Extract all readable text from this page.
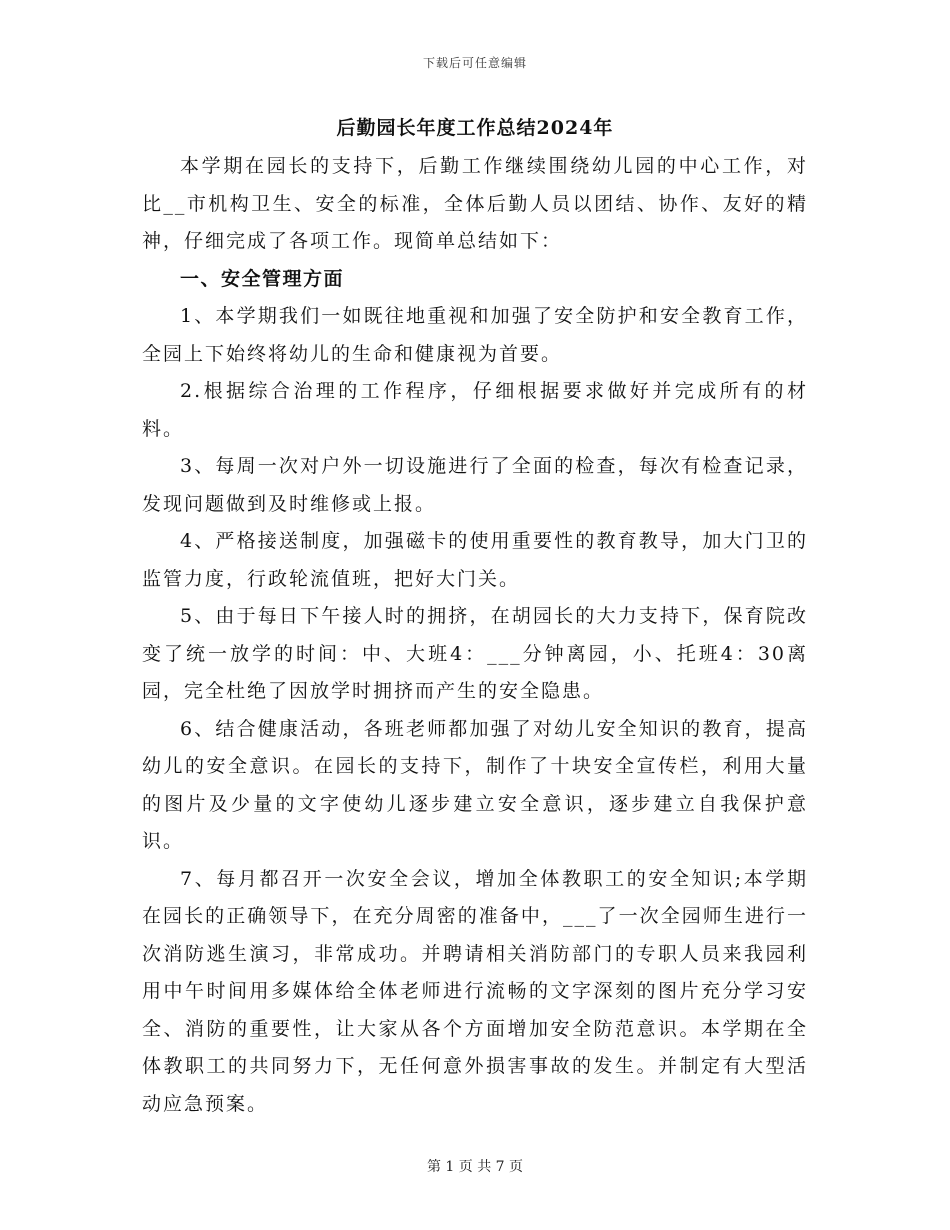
下载后可任意编辑
后勤园长年度工作总结2024年

本学期在园长的支持下，后勤工作继续围绕幼儿园的中心工作，对比__市机构卫生、安全的标准，全体后勤人员以团结、协作、友好的精神，仔细完成了各项工作。现简单总结如下：

一、安全管理方面

1、本学期我们一如既往地重视和加强了安全防护和安全教育工作，全园上下始终将幼儿的生命和健康视为首要。

2.根据综合治理的工作程序，仔细根据要求做好并完成所有的材料。

3、每周一次对户外一切设施进行了全面的检查，每次有检查记录，发现问题做到及时维修或上报。

4、严格接送制度，加强磁卡的使用重要性的教育教导，加大门卫的监管力度，行政轮流值班，把好大门关。

5、由于每日下午接人时的拥挤，在胡园长的大力支持下，保育院改变了统一放学的时间：中、大班4：___分钟离园，小、托班4：30离园，完全杜绝了因放学时拥挤而产生的安全隐患。

6、结合健康活动，各班老师都加强了对幼儿安全知识的教育，提高幼儿的安全意识。在园长的支持下，制作了十块安全宣传栏，利用大量的图片及少量的文字使幼儿逐步建立安全意识，逐步建立自我保护意识。

7、每月都召开一次安全会议，增加全体教职工的安全知识;本学期在园长的正确领导下，在充分周密的准备中，___了一次全园师生进行一次消防逃生演习，非常成功。并聘请相关消防部门的专职人员来我园利用中午时间用多媒体给全体老师进行流畅的文字深刻的图片充分学习安全、消防的重要性，让大家从各个方面增加安全防范意识。本学期在全体教职工的共同努力下，无任何意外损害事故的发生。并制定有大型活动应急预案。

第 1 页 共 7 页
